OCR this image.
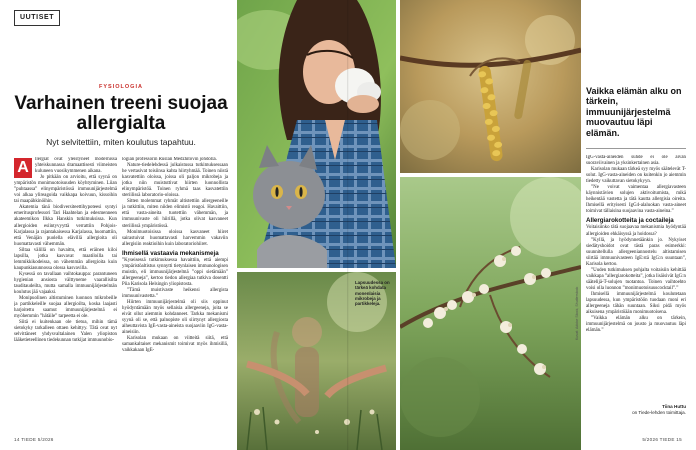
UUTISET
FYSIOLOGIA
Varhainen treeni suojaa allergialta
Nyt selvitettiin, miten koulutus tapahtuu.
A	llergiat ovat yleistyneet modernissa yhteiskunnassa dramaattisesti viimeisten kuluneen vuosikymmenen aikana.

Jo pitkään on arvioitu, että syynä on ympäristön monimuotoisuuden köyhtyminen. Liian ”puhtaassa” elinympäristössä immuunijärjestelmä voi alkaa ylireagoida vaikkapa koivuun, kissoihin tai maapähkinöihin.

Akatemia tänä biodiversiteettihypoteesi syntyi emeritusprofessori Tari Haahtelan ja edesmenneen akateemikon Ilkka Hanskin tutkimuksissa. Kun allergioiden esiintyvyyttä verrattiin Pohjois-Karjalassa ja rajantakaisessa Karjalassa, huomattiin, että Venäjän puolella elävillä allergioita oli huomattavasti vähemmän.

Siltaa välillä on havaittu, että eräinen kiloi lapsilla, jotka kasvavat maatiloilla tai lemmikkikodeissa, on vähemmän allergioita kuin kaupunkiasunnossa olossa kasvavilla.

Kysessä on tavallaan vaihtokauppa: parantuneen hygienian ansiosta välttyneme vaarallisilta tauditaudeilta, mutta samalla immuunijärjestelmän koulutus jää vajaaksi.

Monipuolinen altistuminen luonnon mikrobeille ja partikkeleille suojaa allergioilta, koska laajasti harjoitettu saamut immuunijärjestelmä ei myöhemmin ”hätäile” tarpeetta ei ole.

Siitä ei kuitenkaan ole tietoa, mihin tämä sietokyky tarkalleen ottaen kehittyy. Tätä ovat nyt selvittäneet yhdysvaltalainen Yalen yliopiston lääketieteellinen tiedekunnan tutkijat immuunobio-

logian professorin Ruslan Medzhitovin johdolla.

Nature-tiedelehdessä julkaistussa tutkimuksessaan he vertasivat toisiinsa kahta hiirtyhmää. Toinen niistä kasvatettiin oloissa, joissa oli paljon mikrobeja ja jotka niin muistuttivat hiirten luonnollista elinympäristöä. Toinen ryhmä taas kasvatettiin steriilissä laboratorio-oloissa.

Sitten molemmat ryhmät altistettiin allergeeneille ja tutkittiin, miten niiden elimistö reagoi. Havaittiin, että vasta-aineita tuotettiin vähemmän, ja immuunivaste oli hiirillä, jotka olivat kasvaneet steriilissä ympäristössä.

Monimuotoisissa oloissa kasvaneet hiiret sairastuivat huomattavasti harvemmin vakaviin allergisiin reaktioihin kuin laboratoriohiiret.

Ihmisellä vastaavia mekanismeja

”Kyseisessä tutkimuksessa havaittiin, että aiempi ympäristöaltistus synnytti tietynlaisen immunologisen muistin, eli immuunijärjestelmä ”oppi sietämään” allergeeneja”, kertoo tiedon allergiaa tutkiva dosentti Piia Karisola Helsingin yliopistosta.

”Tämä muistivaste heikensi allergista immuunivastetta.”

Hiirten immuunijärjestelmä oli siis oppinut hyödyntämään myös sellaisia allergeeneja, joita se eivät ollut aiemmin kohdanneet. Tarkka mekanismi syynä oli se, että palnopiste oli siirtynyt allergiosta aiheuttavista IgE-vasta-aineista suojaaviin IgG-vasta-aineisiin.

Karisolan mukaan on viitteitä siitä, että samankaltaiset mekanismit toimivat myös ihmisillä, vaikkakaan IgE-

14 TIEDE 5/2026	5/2026 TIEDE 15
Lapsuudessa on tärkeä kohdata monenlaisia mikrobeja ja partikkeleja.	Kuvat: Adobe Stock, Shutterstock
Vaikka elämän alku on tärkein, immuunijärjestelmä muovautuu läpi elämän.

IgG-vasta-aineiden suhde ei ole aivan suoraviivainen ja yksinkertainen asia.

Karisolan mukaan tärkeä syy myös säätelevät T-solut. IgG-vasta-aineiden on kuitenkin jo aiemmin tiedetty vaikuttavan sietokykyyn.

”Ne voivat vaimentaa allergiavasteen käynnistävien solujen aktivoitumista, mikä heikentää vastetta ja tätä kautta allergisia oireita. Ihmisellä erityisesti IgG4-alaluokan vasta-aineet toimivat tällaisina suojaavina vasta-aineina.”

Allergiarokotteita ja coctaileja

Voitaisiinko tätä suojaavaa mekanismia hyödyntää allergioiden ehkäisyssä ja hoidossa?

”Kyllä, ja hyödynnetäänkin jo. Nykyiset siedätyshoidot ovat tästä paras esimerkki: suunnitellulla allergeeniannostelu altistamisen siirtää immuunivasteen IgE:stä IgG:n suuntaan”, Karisola kertoo.

”Uuden tutkimuksen pohjalta voitaisiin kehittää vaikkapa ”allergiarokotteita”, jotka lisäisivät IgG:n säätelijä-T-solujen tuotantoa. Toinen vaihtoehto voisi olla luonnon ”monimuotoisuuscocktail”.”

Ihmisellä immuunijärjestelmä koulutetaan lapsuudessa, kun ympäristöön tuodaan moni eri allergeeneja tähän suuntaan. Siksi pidä myös aikuisena ympäristöään monimuotoisena.

”Vaikka elämän alku on tärkein, immuunijärjestelmä on jousto ja muovautuu läpi elämän.”

Tiina Huttu
on Tiede-lehden toimittaja.
